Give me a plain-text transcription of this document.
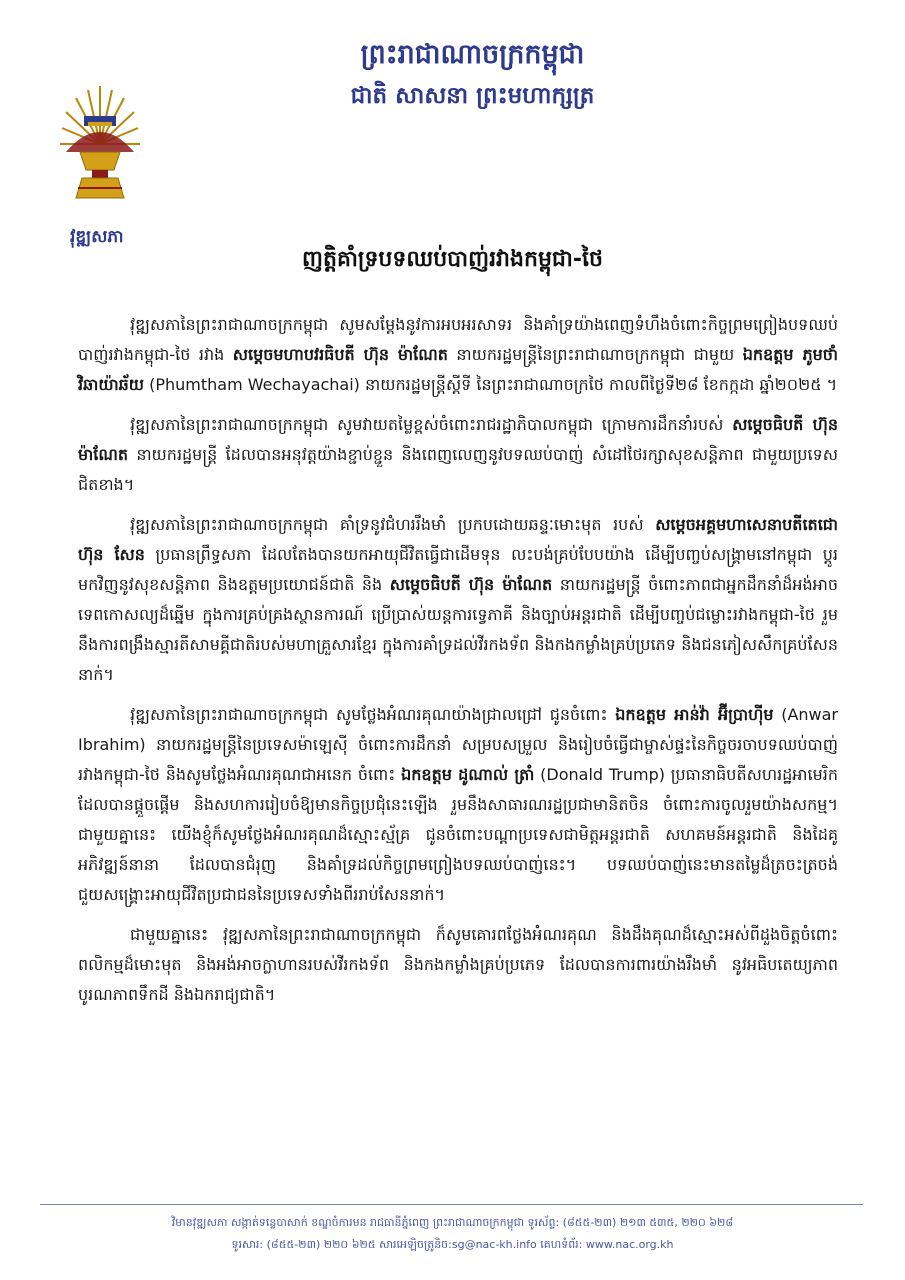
វុឌ្ឍសភា
ព្រះរាជាណាចក្រកម្ពុជា
ជាតិ សាសនា ព្រះមហាក្សត្រ
ញត្តិគាំទ្របទឈប់បាញ់រវាងកម្ពុជា-ថៃ

វុឌ្ឍសភានៃព្រះរាជាណាចក្រកម្ពុជា សូមសម្តែងនូវការអបអរសាទរ និងគាំទ្រយ៉ាងពេញទំហឹងចំពោះកិច្ចព្រមព្រៀងបទឈប់បាញ់រវាងកម្ពុជា-ថៃ រវាង សម្តេចមហាបវរធិបតី ហ៊ុន ម៉ាណែត នាយករដ្ឋមន្ត្រីនៃព្រះរាជាណាចក្រកម្ពុជា ជាមួយ ឯកឧត្តម ភូមថាំ វិឆាយ៉ាឆ័យ (Phumtham Wechayachai) នាយករដ្ឋមន្ត្រីស្តីទី នៃព្រះរាជាណាចក្រថៃ កាលពីថ្ងៃទី២៨ ខែកក្កដា ឆ្នាំ២០២៥ ។

វុឌ្ឍសភានៃព្រះរាជាណាចក្រកម្ពុជា សូមវាយតម្លៃខ្ពស់ចំពោះរាជរដ្ឋាភិបាលកម្ពុជា ក្រោមការដឹកនាំរបស់ សម្តេចធិបតី ហ៊ុន ម៉ាណែត នាយករដ្ឋមន្ត្រី ដែលបានអនុវត្តយ៉ាងខ្ជាប់ខ្ជួន និងពេញលេញនូវបទឈប់បាញ់ សំដៅថៃរក្សាសុខសន្តិភាព ជាមួយប្រទេសជិតខាង។

វុឌ្ឍសភានៃព្រះរាជាណាចក្រកម្ពុជា គាំទ្រនូវជំហររឹងមាំ ប្រកបដោយឆន្ទៈមោះមុត របស់ សម្តេចអគ្គមហាសេនាបតីតេជោ ហ៊ុន សែន ប្រធានព្រឹទ្ធសភា ដែលតែងបានយកអាយុជីវិតធ្វើជាដើមទុន លះបង់គ្រប់បែបយ៉ាង ដើម្បីបញ្ចប់សង្គ្រាមនៅកម្ពុជា ប្តូរមកវិញនូវសុខសន្តិភាព និងឧត្តមប្រយោជន៍ជាតិ និង សម្តេចធិបតី ហ៊ុន ម៉ាណែត នាយករដ្ឋមន្ត្រី ចំពោះភាពជាអ្នកដឹកនាំដ៏អង់អាច ទេពកោសល្យដ៏ឆ្នើម ក្នុងការគ្រប់គ្រងស្ថានការណ៍ ប្រើប្រាស់យន្តការទ្វេភាគី និងច្បាប់អន្តរជាតិ ដើម្បីបញ្ចប់ជម្លោះរវាងកម្ពុជា-ថៃ រួមនឹងការពង្រឹងស្មារតីសាមគ្គីជាតិរបស់មហាគ្រួសារខ្មែរ ក្នុងការគាំទ្រដល់វីរកងទ័ព និងកងកម្លាំងគ្រប់ប្រភេទ និងជនភៀសសឹកគ្រប់សែននាក់។

វុឌ្ឍសភានៃព្រះរាជាណាចក្រកម្ពុជា សូមថ្លែងអំណរគុណយ៉ាងជ្រាលជ្រៅ ជូនចំពោះ ឯកឧត្តម អាន់វ៉ា អ៊ីប្រាហ៊ីម (Anwar Ibrahim) នាយករដ្ឋមន្ត្រីនៃប្រទេសម៉ាឡេស៊ី ចំពោះការដឹកនាំ សម្របសម្រួល និងរៀបចំធ្វើជាម្ចាស់ផ្ទះនៃកិច្ចចរចាបទឈប់បាញ់រវាងកម្ពុជា-ថៃ និងសូមថ្លែងអំណរគុណជាអនេក ចំពោះ ឯកឧត្តម ដូណាល់ ត្រាំ (Donald Trump) ប្រធានាធិបតីសហរដ្ឋអាមេរិក ដែលបានផ្តួចផ្តើម និងសហការរៀបចំឱ្យមានកិច្ចប្រជុំនេះឡើង រួមនឹងសាធារណរដ្ឋប្រជាមានិតចិន ចំពោះការចូលរួមយ៉ាងសកម្ម។ ជាមួយគ្នានេះ យើងខ្ញុំក៏សូមថ្លែងអំណរគុណដ៏ស្មោះស្ម័គ្រ ជូនចំពោះបណ្តាប្រទេសជាមិត្តអន្តរជាតិ សហគមន៍អន្តរជាតិ និងដៃគូអភិវឌ្ឍន៍នានា ដែលបានជំរុញ និងគាំទ្រដល់កិច្ចព្រមព្រៀងបទឈប់បាញ់នេះ។ បទឈប់បាញ់នេះមានតម្លៃដ៏ត្រចះត្រចង់ ជួយសង្គ្រោះអាយុជីវិតប្រជាជននៃប្រទេសទាំងពីររាប់សែននាក់។

ជាមួយគ្នានេះ វុឌ្ឍសភានៃព្រះរាជាណាចក្រកម្ពុជា ក៏សូមគោរពថ្លែងអំណរគុណ និងដឹងគុណដ៏ស្មោះអស់ពីដួងចិត្តចំពោះពលិកម្មដ៏មោះមុត និងអង់អាចក្លាហានរបស់វីរកងទ័ព និងកងកម្លាំងគ្រប់ប្រភេទ ដែលបានការពារយ៉ាងរឹងមាំ នូវអធិបតេយ្យភាព បូរណភាពទឹកដី និងឯករាជ្យជាតិ។

វិមានវុឌ្ឍសភា សង្កាត់ទន្លេបាសាក់ ខណ្ឌចំការមន រាជធានីភ្នំពេញ ព្រះរាជាណាចក្រកម្ពុជា ទូរស័ព្ទ: (៨៥៥-២៣) ២១៣ ៥៣៥, ២២០ ៦២៨
ទូរសារ: (៨៥៥-២៣) ២២០ ៦២៥ សារអេឡិចត្រូនិច:sg@nac-kh.info គេហទំព័រ: www.nac.org.kh
